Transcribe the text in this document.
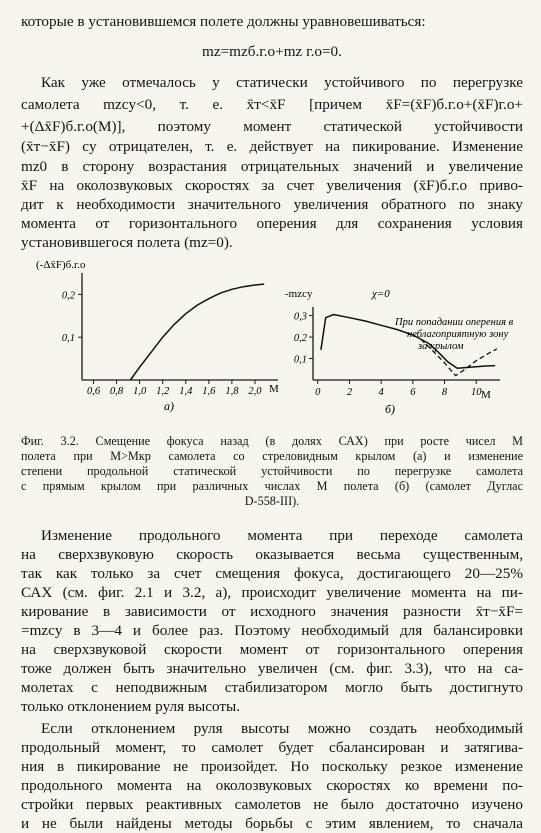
которые в установившемся полете должны уравновешиваться:
mz=mzб.г.о+mz г.о=0.
Как уже отмечалось у статически устойчивого по перегрузке
самолета mzcy<0, т. е. x̄т<x̄F [причем x̄F=(x̄F)б.г.о+(x̄F)г.о+
+(Δx̄F)б.г.о(M)], поэтому момент статической устойчивости
(x̄т−x̄F) cy отрицателен, т. е. действует на пикирование. Изменение
mz0 в сторону возрастания отрицательных значений и увеличение
x̄F на околозвуковых скоростях за счет увеличения (x̄F)б.г.о приво-
дит к необходимости значительного увеличения обратного по знаку
момента от горизонтального оперения для сохранения условия
установившегося полета (mz=0).
(-Δx̄F)б.г.о
0,6 0,8 1,0 1,2 1,4 1,6 1,8 2,0
0,1
0,2
M
а)
-mzcy	χ=0
0	2	4	6	8 10
0,1
0,2
0,3	При попадании оперения в
неблагоприятную зону
за крылом
M
б)
Фиг. 3.2. Смещение фокуса назад (в долях САХ) при росте чисел М
полета при M>Mкр самолета со стреловидным крылом (а) и изменение
степени продольной статической устойчивости по перегрузке самолета
с прямым крылом при различных числах М полета (б) (самолет Дуглас
D-558-III).
Изменение продольного момента при переходе самолета
на сверхзвуковую скорость оказывается весьма существенным,
так как только за счет смещения фокуса, достигающего 20—25%
САХ (см. фиг. 2.1 и 3.2, а), происходит увеличение момента на пи-
кирование в зависимости от исходного значения разности x̄т−x̄F=
=mzcy в 3—4 и более раз. Поэтому необходимый для балансировки
на сверхзвуковой скорости момент от горизонтального оперения
тоже должен быть значительно увеличен (см. фиг. 3.3), что на са-
молетах с неподвижным стабилизатором могло быть достигнуто
только отклонением руля высоты.
Если отклонением руля высоты можно создать необходимый
продольный момент, то самолет будет сбалансирован и затягива-
ния в пикирование не произойдет. Но поскольку резкое изменение
продольного момента на околозвуковых скоростях ко времени по-
стройки первых реактивных самолетов не было достаточно изучено
и не были найдены методы борьбы с этим явлением, то сначала
